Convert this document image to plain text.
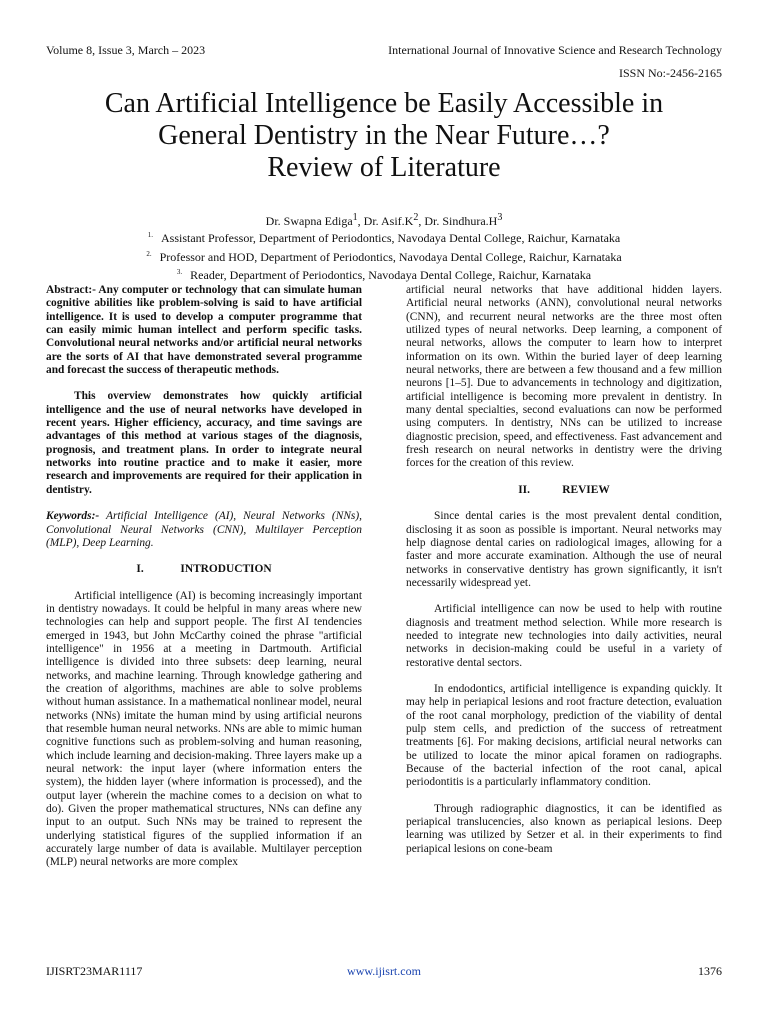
Volume 8, Issue 3, March – 2023	International Journal of Innovative Science and Research Technology
ISSN No:-2456-2165
Can Artificial Intelligence be Easily Accessible in
General Dentistry in the Near Future…?
Review of Literature
Dr. Swapna Ediga$^1$, Dr. $Asif.K^2$, Dr. $Sindhura.H^3$
$^{1.}$ Assistant Professor, Department of Periodontics, Navodaya Dental College, Raichur, Karnataka
$^{2.}$ Professor and HOD, Department of Periodontics, Navodaya Dental College, Raichur, Karnataka
$^{3.}$ Reader, Department of Periodontics, Navodaya Dental College, Raichur, Karnataka

Abstract:- Any computer or technology that can simulate human cognitive abilities like problem-solving is said to have artificial intelligence. It is used to develop a computer programme that can easily mimic human intellect and perform specific tasks. Convolutional neural networks and/or artificial neural networks are the sorts of AI that have demonstrated several programme and forecast the success of therapeutic methods.

This overview demonstrates how quickly artificial intelligence and the use of neural networks have developed in recent years. Higher efficiency, accuracy, and time savings are advantages of this method at various stages of the diagnosis, prognosis, and treatment plans. In order to integrate neural networks into routine practice and to make it easier, more research and improvements are required for their application in dentistry.

Keywords:- Artificial Intelligence (AI), Neural Networks (NNs), Convolutional Neural Networks (CNN), Multilayer Perception (MLP), Deep Learning.

I.	INTRODUCTION

Artificial intelligence (AI) is becoming increasingly important in dentistry nowadays. It could be helpful in many areas where new technologies can help and support people. The first AI tendencies emerged in 1943, but John McCarthy coined the phrase "artificial intelligence" in 1956 at a meeting in Dartmouth. Artificial intelligence is divided into three subsets: deep learning, neural networks, and machine learning. Through knowledge gathering and the creation of algorithms, machines are able to solve problems without human assistance. In a mathematical nonlinear model, neural networks (NNs) imitate the human mind by using artificial neurons that resemble human neural networks. NNs are able to mimic human cognitive functions such as problem-solving and human reasoning, which include learning and decision-making. Three layers make up a neural network: the input layer (where information enters the system), the hidden layer (where information is processed), and the output layer (wherein the machine comes to a decision on what to do). Given the proper mathematical structures, NNs can define any input to an output. Such NNs may be trained to represent the underlying statistical figures of the supplied information if an accurately large number of data is available. Multilayer perception (MLP) neural networks are more complex

artificial neural networks that have additional hidden layers. Artificial neural networks (ANN), convolutional neural networks (CNN), and recurrent neural networks are the three most often utilized types of neural networks. Deep learning, a component of neural networks, allows the computer to learn how to interpret information on its own. Within the buried layer of deep learning neural networks, there are between a few thousand and a few million neurons [1–5]. Due to advancements in technology and digitization, artificial intelligence is becoming more prevalent in dentistry. In many dental specialties, second evaluations can now be performed using computers. In dentistry, NNs can be utilized to increase diagnostic precision, speed, and effectiveness. Fast advancement and fresh research on neural networks in dentistry were the driving forces for the creation of this review.

II.	REVIEW

Since dental caries is the most prevalent dental condition, disclosing it as soon as possible is important. Neural networks may help diagnose dental caries on radiological images, allowing for a faster and more accurate examination. Although the use of neural networks in conservative dentistry has grown significantly, it isn't necessarily widespread yet.

Artificial intelligence can now be used to help with routine diagnosis and treatment method selection. While more research is needed to integrate new technologies into daily activities, neural networks in decision-making could be useful in a variety of restorative dental sectors.

In endodontics, artificial intelligence is expanding quickly. It may help in periapical lesions and root fracture detection, evaluation of the root canal morphology, prediction of the viability of dental pulp stem cells, and prediction of the success of retreatment treatments [6]. For making decisions, artificial neural networks can be utilized to locate the minor apical foramen on radiographs. Because of the bacterial infection of the root canal, apical periodontitis is a particularly inflammatory condition.

Through radiographic diagnostics, it can be identified as periapical translucencies, also known as periapical lesions. Deep learning was utilized by Setzer et al. in their experiments to find periapical lesions on cone-beam

IJISRT23MAR1117	www.ijisrt.com	1376
